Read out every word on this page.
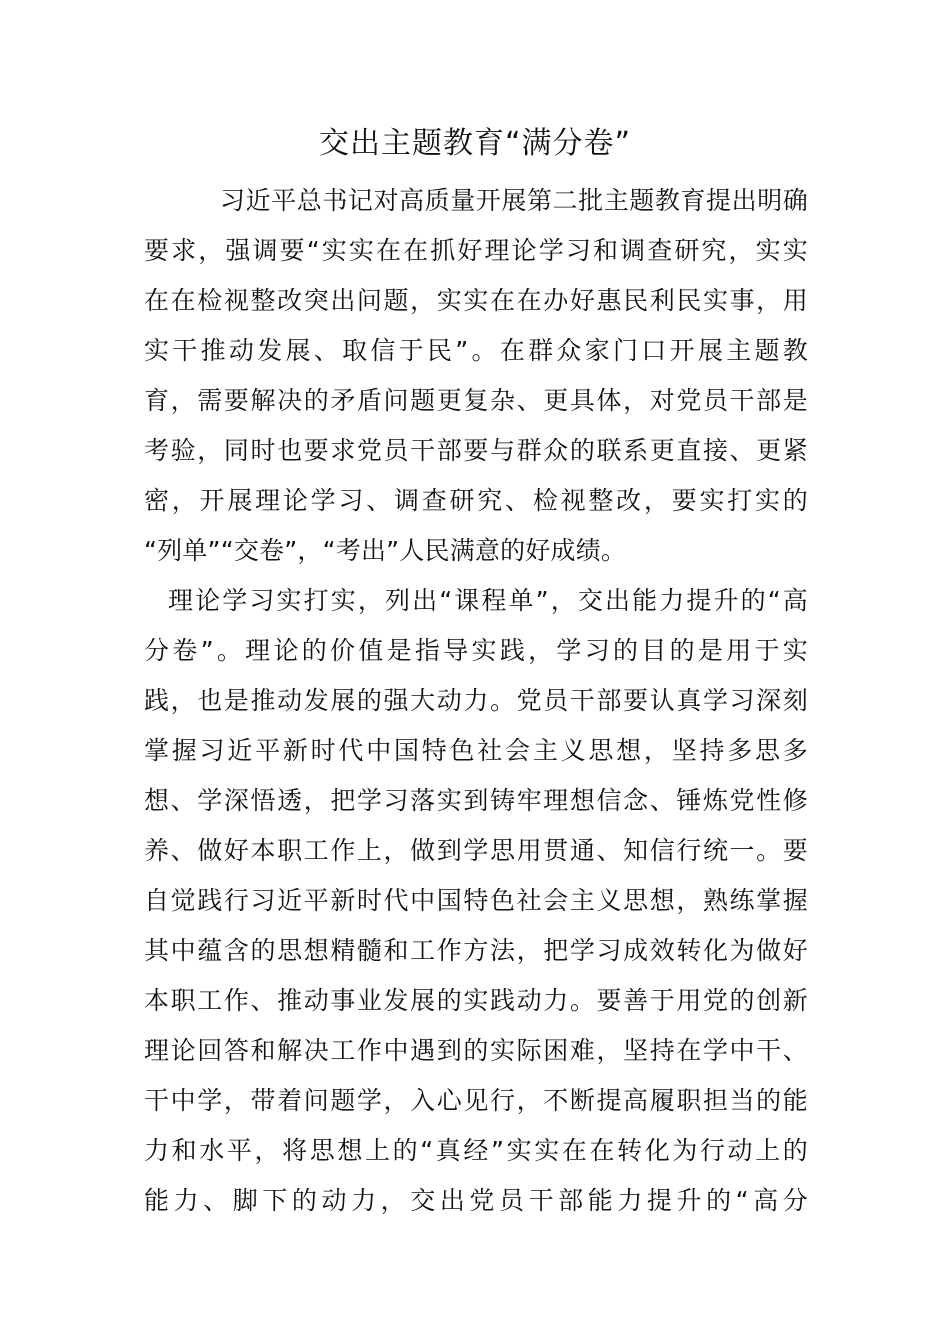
交出主题教育“满分卷”
习近平总书记对高质量开展第二批主题教育提出明确
要求，强调要“实实在在抓好理论学习和调查研究，实实
在在检视整改突出问题，实实在在办好惠民利民实事，用
实干推动发展、取信于民”。在群众家门口开展主题教
育，需要解决的矛盾问题更复杂、更具体，对党员干部是
考验，同时也要求党员干部要与群众的联系更直接、更紧
密，开展理论学习、调查研究、检视整改，要实打实的
“列单”“交卷”，“考出”人民满意的好成绩。
理论学习实打实，列出“课程单”，交出能力提升的“高
分卷”。理论的价值是指导实践，学习的目的是用于实
践，也是推动发展的强大动力。党员干部要认真学习深刻
掌握习近平新时代中国特色社会主义思想，坚持多思多
想、学深悟透，把学习落实到铸牢理想信念、锤炼党性修
养、做好本职工作上，做到学思用贯通、知信行统一。要
自觉践行习近平新时代中国特色社会主义思想，熟练掌握
其中蕴含的思想精髓和工作方法，把学习成效转化为做好
本职工作、推动事业发展的实践动力。要善于用党的创新
理论回答和解决工作中遇到的实际困难，坚持在学中干、
干中学，带着问题学，入心见行，不断提高履职担当的能
力和水平，将思想上的“真经”实实在在转化为行动上的
能力、脚下的动力，交出党员干部能力提升的“高分
